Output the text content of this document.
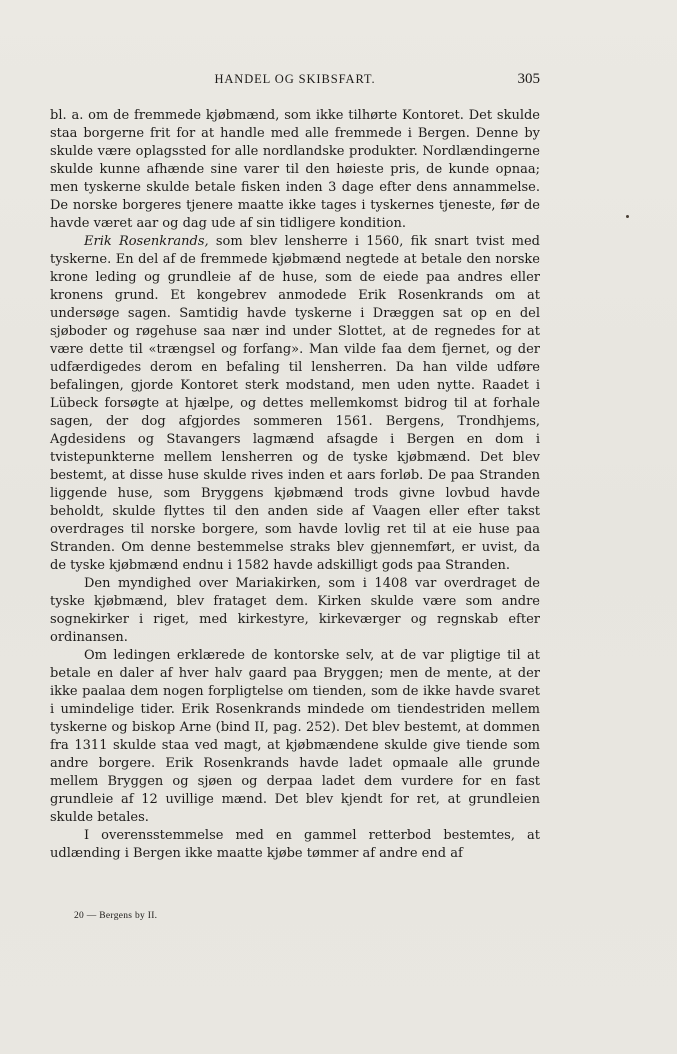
HANDEL OG SKIBSFART.	305

bl. a. om de fremmede kjøbmænd, som ikke tilhørte Kontoret. Det skulde staa borgerne frit for at handle med alle fremmede i Bergen. Denne by skulde være oplagssted for alle nordlandske produkter. Nordlændingerne skulde kunne afhænde sine varer til den høieste pris, de kunde opnaa; men tyskerne skulde betale fisken inden 3 dage efter dens annammelse. De norske borgeres tjenere maatte ikke tages i tyskernes tjeneste, før de havde været aar og dag ude af sin tidligere kondition.

Erik Rosenkrands, som blev lensherre i 1560, fik snart tvist med tyskerne. En del af de fremmede kjøbmænd negtede at betale den norske krone leding og grundleie af de huse, som de eiede paa andres eller kronens grund. Et kongebrev anmodede Erik Rosenkrands om at undersøge sagen. Samtidig havde tyskerne i Dræggen sat op en del sjøboder og røgehuse saa nær ind under Slottet, at de regnedes for at være dette til «trængsel og forfang». Man vilde faa dem fjernet, og der udfærdigedes derom en befaling til lensherren. Da han vilde udføre befalingen, gjorde Kontoret sterk modstand, men uden nytte. Raadet i Lübeck forsøgte at hjælpe, og dettes mellemkomst bidrog til at forhale sagen, der dog afgjordes sommeren 1561. Bergens, Trondhjems, Agdesidens og Stavangers lagmænd afsagde i Bergen en dom i tvistepunkterne mellem lensherren og de tyske kjøbmænd. Det blev bestemt, at disse huse skulde rives inden et aars forløb. De paa Stranden liggende huse, som Bryggens kjøbmænd trods givne lovbud havde beholdt, skulde flyttes til den anden side af Vaagen eller efter takst overdrages til norske borgere, som havde lovlig ret til at eie huse paa Stranden. Om denne bestemmelse straks blev gjennemført, er uvist, da de tyske kjøbmænd endnu i 1582 havde adskilligt gods paa Stranden.

Den myndighed over Mariakirken, som i 1408 var overdraget de tyske kjøbmænd, blev frataget dem. Kirken skulde være som andre sognekirker i riget, med kirkestyre, kirkeværger og regnskab efter ordinansen.

Om ledingen erklærede de kontorske selv, at de var pligtige til at betale en daler af hver halv gaard paa Bryggen; men de mente, at der ikke paalaa dem nogen forpligtelse om tienden, som de ikke havde svaret i umindelige tider. Erik Rosenkrands mindede om tiendestriden mellem tyskerne og biskop Arne (bind II, pag. 252). Det blev bestemt, at dommen fra 1311 skulde staa ved magt, at kjøbmændene skulde give tiende som andre borgere. Erik Rosenkrands havde ladet opmaale alle grunde mellem Bryggen og sjøen og derpaa ladet dem vurdere for en fast grundleie af 12 uvillige mænd. Det blev kjendt for ret, at grundleien skulde betales.

I overensstemmelse med en gammel retterbod bestemtes, at udlænding i Bergen ikke maatte kjøbe tømmer af andre end af

20 — Bergens by II.
